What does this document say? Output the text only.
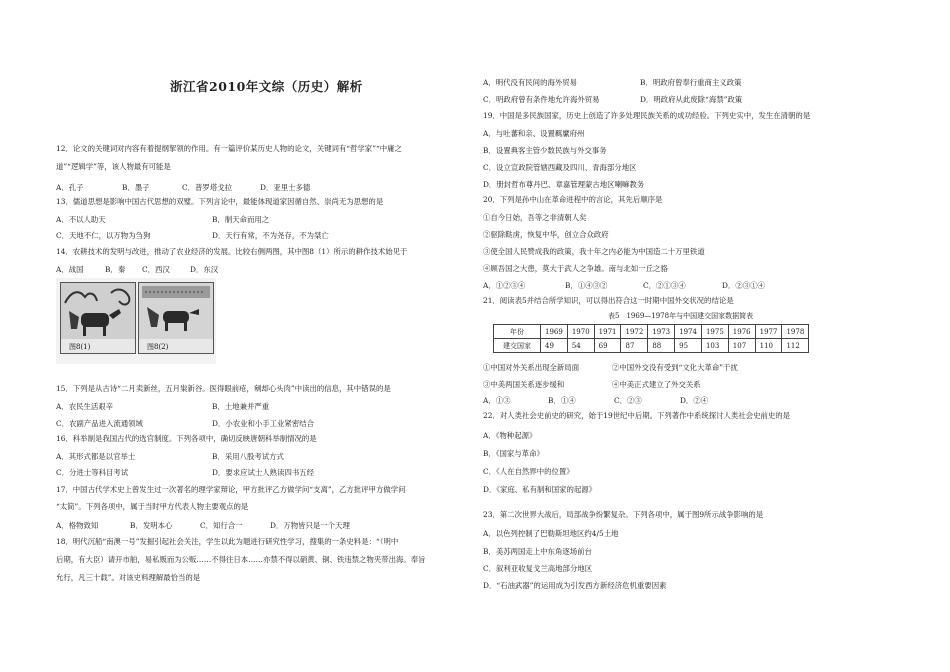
浙江省2010年文综（历史）解析
12．论文的关键词对内容有着提纲挈领的作用。有一篇评价某历史人物的论文，关键词有“哲学家”“中庸之
道”“逻辑学”等，该人物最有可能是
A．孔子	B．墨子	C．普罗塔戈拉	D．亚里士多德
13．儒道思想是影响中国古代思想的双璧。下列言论中，最能体现道家因循自然、崇尚无为思想的是
A．不以人助天	B．制天命而用之
C．天地不仁，以万物为刍狗	D．天行有常，不为尧存，不为桀亡
14．农耕技术的发明与改进，推动了农业经济的发展。比较右侧两图，其中图8（1）所示的耕作技术始见于
A．战国	B．秦 C．西汉	D．东汉
图8(1)	图8(2)
15．下列是从古诗“二月卖新丝，五月粜新谷。医得眼前疮，剜却心头肉”中读出的信息，其中错误的是
A．农民生活艰辛	B．土地兼并严重
C．农副产品进入流通领域	D．小农业和小手工业紧密结合
16．科举制是我国古代的选官制度。下列各项中，确切反映唐朝科举制情况的是
A．其形式都是以官举士	B．采用八股考试方式
C．分进士等科目考试	D．要求应试士人熟读四书五经
17．中国古代学术史上曾发生过一次著名的理学家辩论，甲方批评乙方做学问“支离”，乙方批评甲方做学问
“太简”。下列各项中，属于当时甲方代表人物主要观点的是
A．格物致知	B．发明本心	C．知行合一	D．万物皆只是一个天理
18．明代沉船“南澳一号”发掘引起社会关注，学生以此为题进行研究性学习，搜集的一条史料是：“（明中
后期，有大臣）请开市舶，易私贩而为公贩……不得往日本……亦禁不得以硝黄、铜、铁违禁之物夹带出海。奉旨
允行，凡三十载”。对该史料理解最恰当的是
A．明代没有民间的海外贸易	B．明政府曾奉行重商主义政策
C．明政府曾有条件地允许海外贸易	D．明政府从此废除“海禁”政策
19．中国是多民族国家，历史上创造了许多处理民族关系的成功经验。下列史实中，发生在清朝的是
A．与吐蕃和亲、设置羁縻府州
B．设置典客主管少数民族与外交事务
C．设立宣政院管辖西藏及四川、青海部分地区
D．册封哲布尊丹巴、章嘉管理蒙古地区喇嘛教务
20．下列是孙中山在革命进程中的言论，其先后顺序是
①自今日始，吾等之非清朝人矣
②驱除鞑虏，恢复中华，创立合众政府
③使全国人民赞成我的政策，我十年之内必能为中国造二十万里铁道
④顾吾国之大患，莫大于武人之争雄。南与北如一丘之貉
A．①②③④	B．①④③②	C．②①③④	D．②③①④
21．阅读表5并结合所学知识，可以得出符合这一时期中国外交状况的结论是
表5　1969—1978年与中国建交国家数据简表
年份	1969	1970	1971	1972	1973	1974	1975	1976	1977	1978
建交国家	49	54	69	87	88	95	103	107	110	112
①中国对外关系出现全新局面	②中国外交没有受到“文化大革命”干扰
③中美两国关系逐步缓和	④中美正式建立了外交关系
A．①③	B．①④	C．②③	D．②④
22．对人类社会史前史的研究，始于19世纪中后期。下列著作中系统探讨人类社会史前史的是
A．《物种起源》
B．《国家与革命》
C．《人在自然界中的位置》
D．《家庭、私有制和国家的起源》
23．第二次世界大战后，局部战争纷繁复杂。下列各项中，属于图9所示战争影响的是
A．以色列控制了巴勒斯坦地区约4/5土地
B．美苏两国走上中东角逐场前台
C．叙利亚收复戈兰高地部分地区
D．“石油武器”的运用成为引发西方新经济危机重要因素
